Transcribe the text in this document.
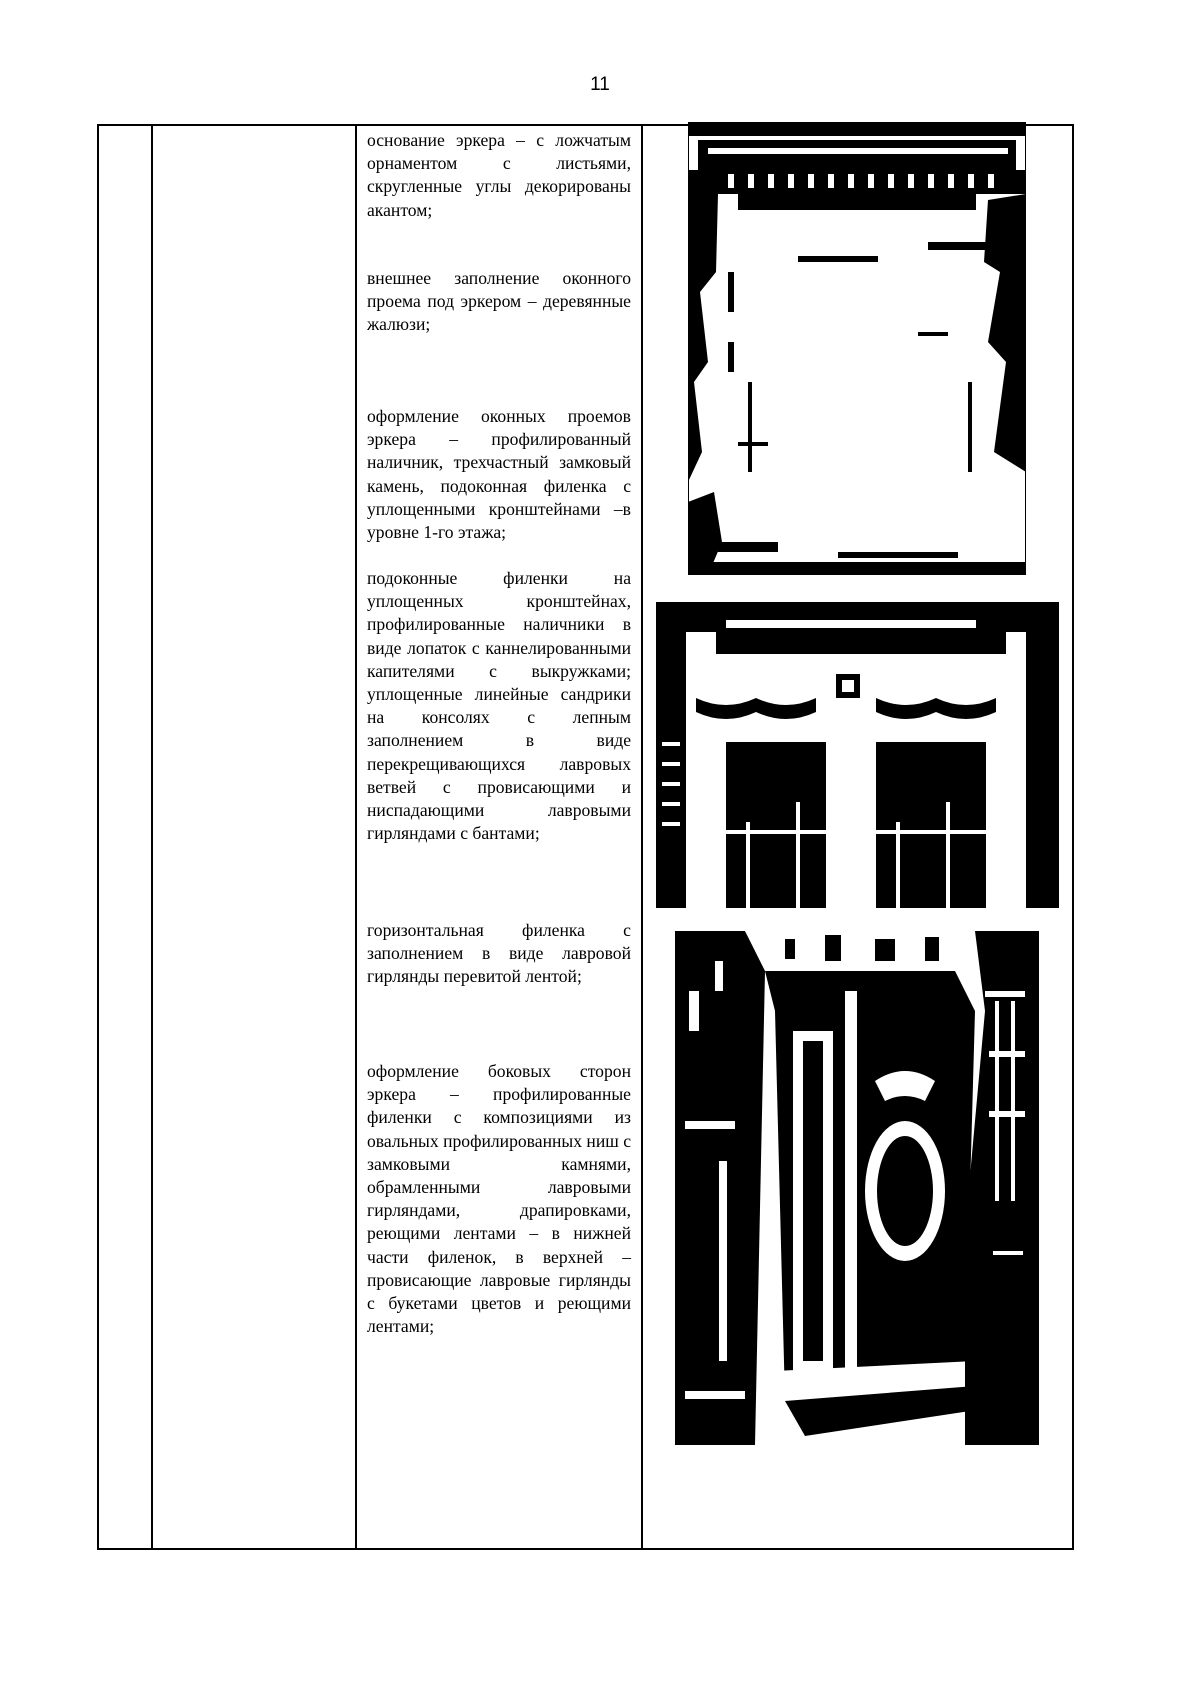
11

основание эркера – с ложчатым орнаментом с листьями, скругленные углы декорированы акантом;

внешнее заполнение оконного проема под эркером – деревянные жалюзи;

оформление оконных проемов эркера – профилированный наличник, трехчастный замковый камень, подоконная филенка с уплощенными кронштейнами –в уровне 1-го этажа;

подоконные филенки на уплощенных кронштейнах, профилированные наличники в виде лопаток с каннелированными капителями с выкружками; уплощенные линейные сандрики на консолях с лепным заполнением в виде перекрещивающихся лавровых ветвей с провисающими и ниспадающими лавровыми гирляндами с бантами;

горизонтальная филенка с заполнением в виде лавровой гирлянды перевитой лентой;

оформление боковых сторон эркера – профилированные филенки с композициями из овальных профилированных ниш с замковыми камнями, обрамленными лавровыми гирляндами, драпировками, реющими лентами – в нижней части филенок, в верхней – провисающие лавровые гирлянды с букетами цветов и реющими лентами;
